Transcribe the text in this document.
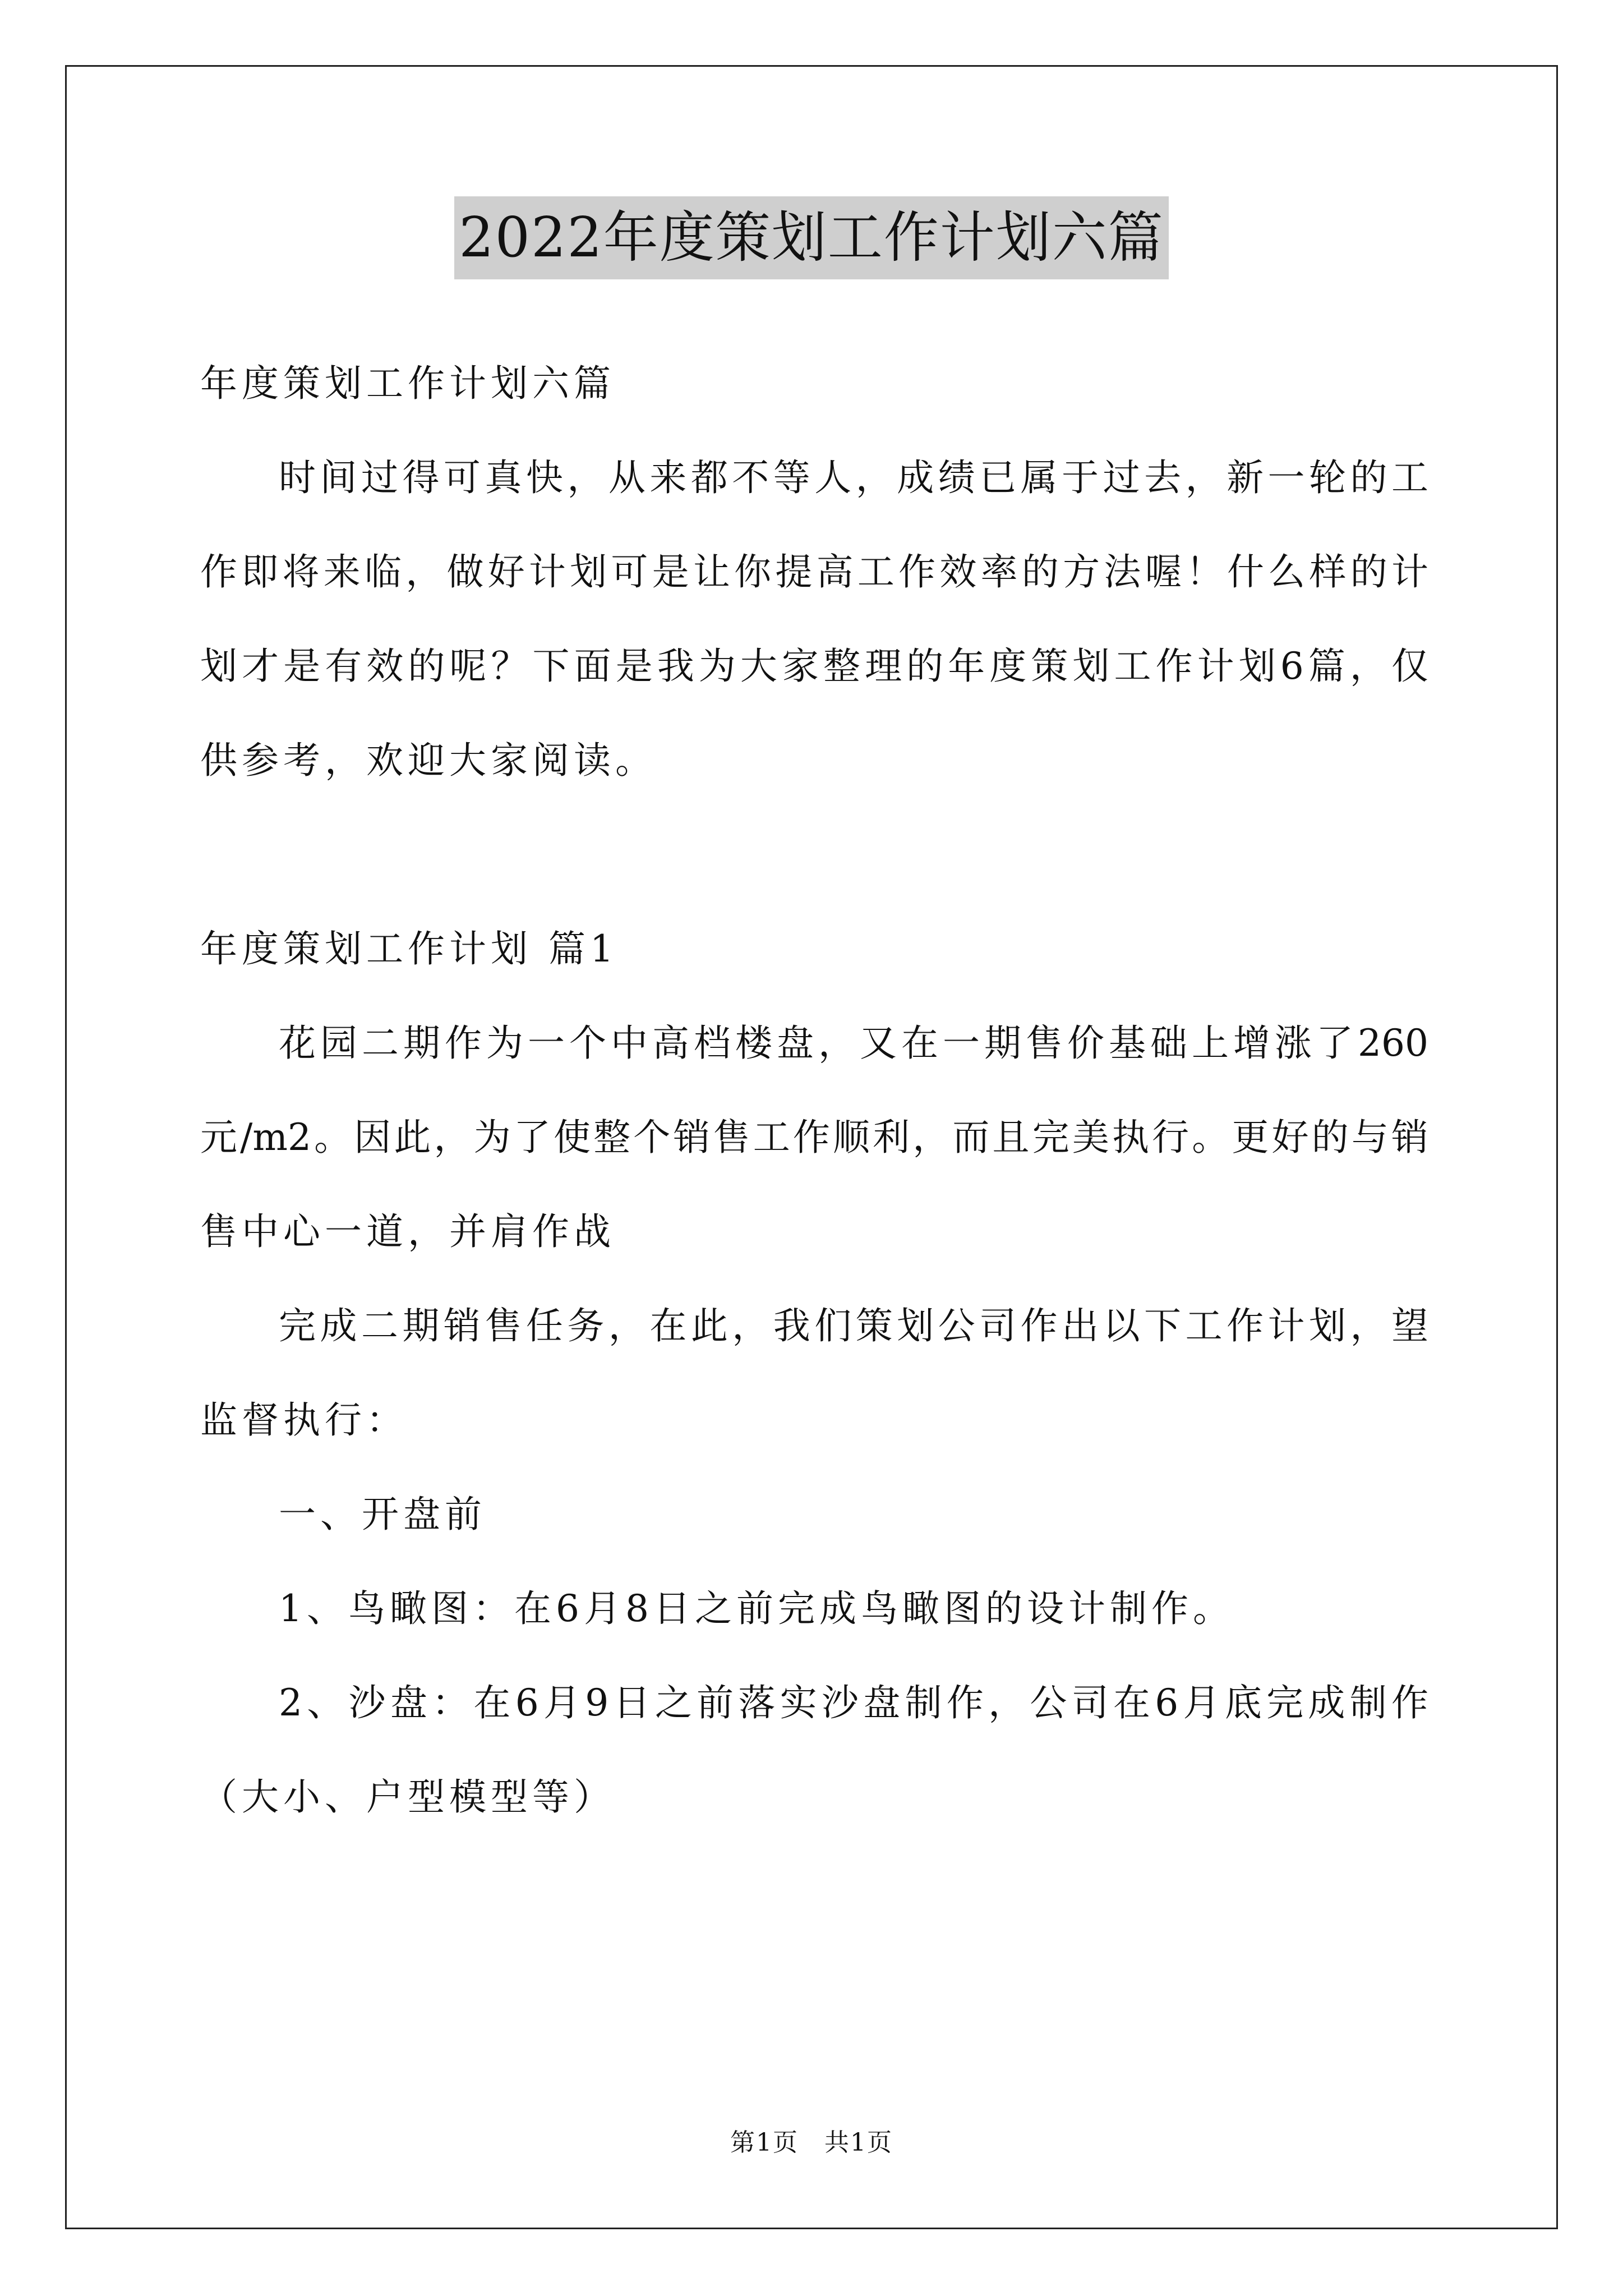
2022年度策划工作计划六篇
年度策划工作计划六篇
时间过得可真快，从来都不等人，成绩已属于过去，新一轮的工
作即将来临，做好计划可是让你提高工作效率的方法喔！什么样的计
划才是有效的呢？下面是我为大家整理的年度策划工作计划6篇，仅
供参考，欢迎大家阅读。
年度策划工作计划 篇1
花园二期作为一个中高档楼盘，又在一期售价基础上增涨了260
元/m2。因此，为了使整个销售工作顺利，而且完美执行。更好的与销
售中心一道，并肩作战
完成二期销售任务，在此，我们策划公司作出以下工作计划，望
监督执行：
一、开盘前
1、鸟瞰图：在6月8日之前完成鸟瞰图的设计制作。
2、沙盘：在6月9日之前落实沙盘制作，公司在6月底完成制作
（大小、户型模型等）
第1页　共1页
